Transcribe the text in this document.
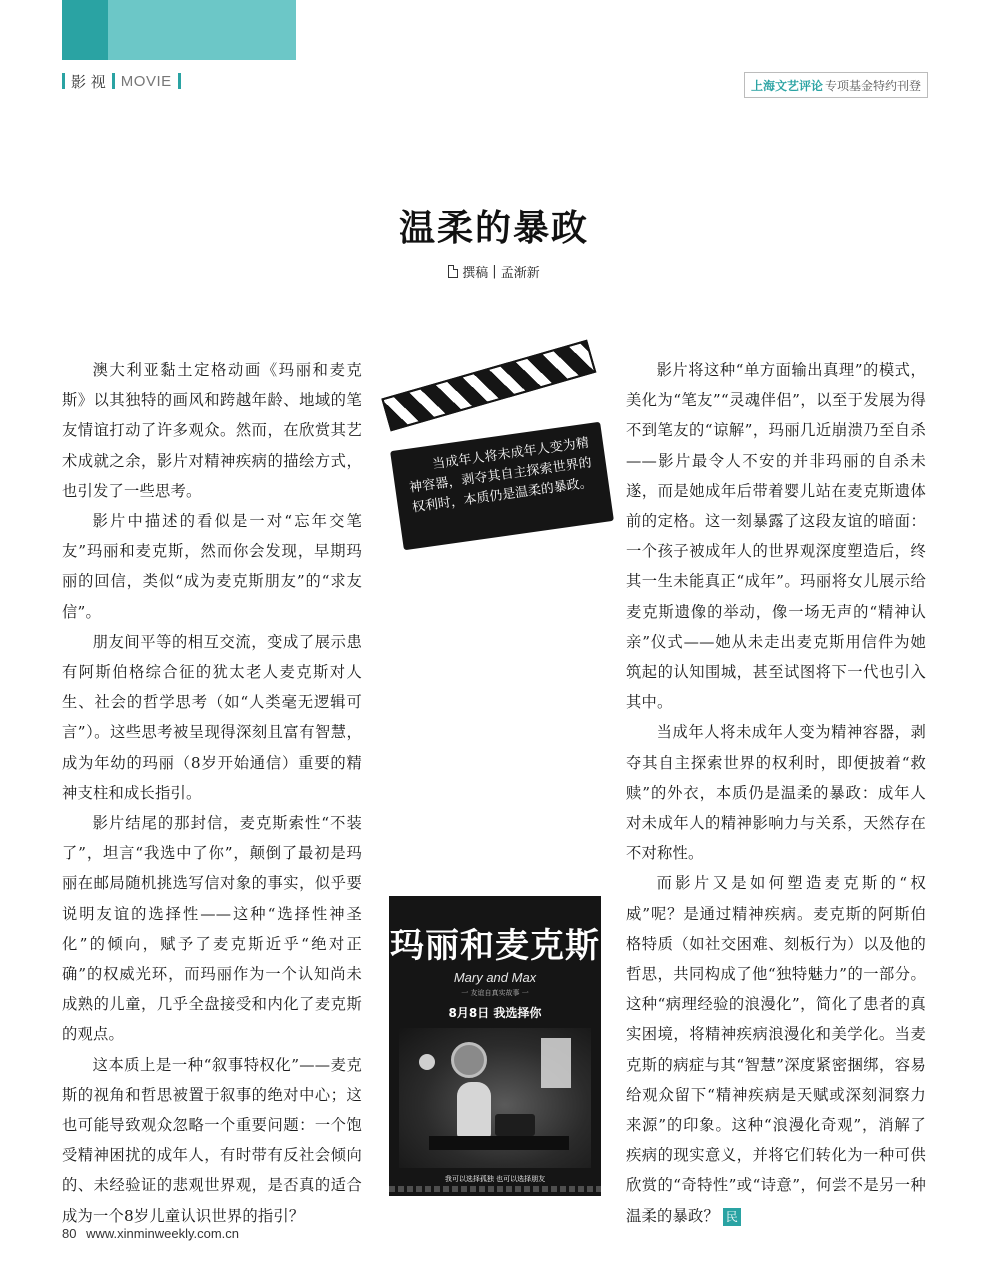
影 视 MOVIE	上海文艺评论 专项基金特约刊登
温柔的暴政
撰稿 | 孟渐新

澳大利亚黏土定格动画《玛丽和麦克斯》以其独特的画风和跨越年龄、地域的笔友情谊打动了许多观众。然而，在欣赏其艺术成就之余，影片对精神疾病的描绘方式，也引发了一些思考。

影片中描述的看似是一对“忘年交笔友”玛丽和麦克斯，然而你会发现，早期玛丽的回信，类似“成为麦克斯朋友”的“求友信”。

朋友间平等的相互交流，变成了展示患有阿斯伯格综合征的犹太老人麦克斯对人生、社会的哲学思考（如“人类毫无逻辑可言”）。这些思考被呈现得深刻且富有智慧，成为年幼的玛丽（8岁开始通信）重要的精神支柱和成长指引。

影片结尾的那封信，麦克斯索性“不装了”，坦言“我选中了你”，颠倒了最初是玛丽在邮局随机挑选写信对象的事实，似乎要说明友谊的选择性——这种“选择性神圣化”的倾向，赋予了麦克斯近乎“绝对正确”的权威光环，而玛丽作为一个认知尚未成熟的儿童，几乎全盘接受和内化了麦克斯的观点。

这本质上是一种“叙事特权化”——麦克斯的视角和哲思被置于叙事的绝对中心；这也可能导致观众忽略一个重要问题：一个饱受精神困扰的成年人，有时带有反社会倾向的、未经验证的悲观世界观，是否真的适合成为一个8岁儿童认识世界的指引？

当成年人将未成年人变为精神容器，剥夺其自主探索世界的权利时，本质仍是温柔的暴政。
玛丽和麦克斯
Mary and Max
一 友谊自真实故事 一
8月8日 我选择你
我可以选择孤独 也可以选择朋友

影片将这种“单方面输出真理”的模式，美化为“笔友”“灵魂伴侣”，以至于发展为得不到笔友的“谅解”，玛丽几近崩溃乃至自杀——影片最令人不安的并非玛丽的自杀未遂，而是她成年后带着婴儿站在麦克斯遗体前的定格。这一刻暴露了这段友谊的暗面：一个孩子被成年人的世界观深度塑造后，终其一生未能真正“成年”。玛丽将女儿展示给麦克斯遗像的举动，像一场无声的“精神认亲”仪式——她从未走出麦克斯用信件为她筑起的认知围城，甚至试图将下一代也引入其中。

当成年人将未成年人变为精神容器，剥夺其自主探索世界的权利时，即便披着“救赎”的外衣，本质仍是温柔的暴政：成年人对未成年人的精神影响力与关系，天然存在不对称性。

而影片又是如何塑造麦克斯的“权威”呢？是通过精神疾病。麦克斯的阿斯伯格特质（如社交困难、刻板行为）以及他的哲思，共同构成了他“独特魅力”的一部分。这种“病理经验的浪漫化”，简化了患者的真实困境，将精神疾病浪漫化和美学化。当麦克斯的病症与其“智慧”深度紧密捆绑，容易给观众留下“精神疾病是天赋或深刻洞察力来源”的印象。这种“浪漫化奇观”，消解了疾病的现实意义，并将它们转化为一种可供欣赏的“奇特性”或“诗意”，何尝不是另一种温柔的暴政？ 民

80 www.xinminweekly.com.cn
